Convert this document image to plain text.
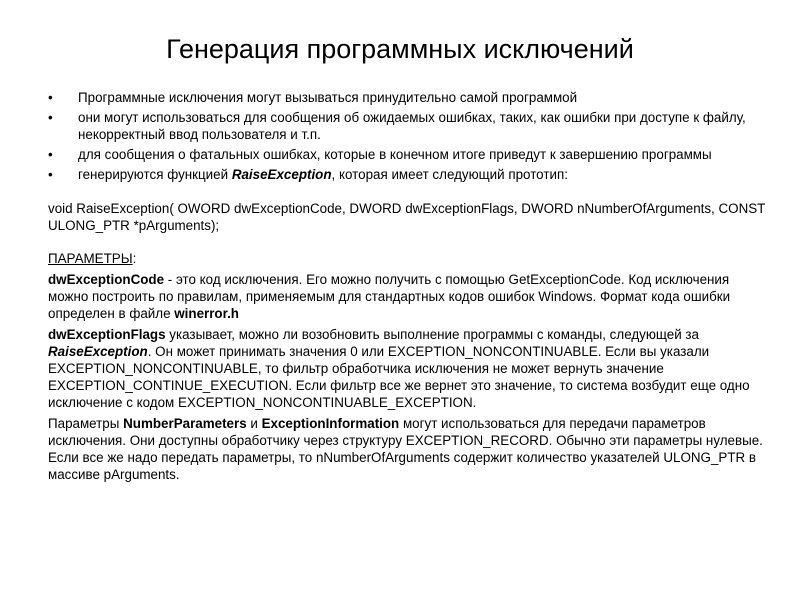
Генерация программных исключений
•	Программные исключения могут вызываться принудительно самой программой
•	они могут использоваться для сообщения об ожидаемых ошибках, таких, как ошибки при доступе к файлу, некорректный ввод пользователя и т.п.
•	для сообщения о фатальных ошибках, которые в конечном итоге приведут к завершению программы
•	генерируются функцией RaiseException, которая имеет следующий прототип:

void RaiseException( OWORD dwExceptionCode, DWORD dwExceptionFlags, DWORD nNumberOfArguments, CONST ULONG_PTR *pArguments);

ПАРАМЕТРЫ:

dwExceptionCode - это код исключения. Его можно получить с помощью GetExceptionCode. Код исключения можно построить по правилам, применяемым для стандартных кодов ошибок Windows. Формат кода ошибки определен в файле winerror.h

dwExceptionFlags указывает, можно ли возобновить выполнение программы с команды, следующей за RaiseException. Он может принимать значения 0 или EXCEPTION_NONCONTINUABLE. Если вы указали EXCEPTION_NONCONTINUABLE, то фильтр обработчика исключения не может вернуть значение EXCEPTION_CONTINUE_EXECUTION. Если фильтр все же вернет это значение, то система возбудит еще одно исключение с кодом EXCEPTION_NONCONTINUABLE_EXCEPTION.

Параметры NumberParameters и ExceptionInformation могут использоваться для передачи параметров исключения. Они доступны обработчику через структуру EXCEPTION_RECORD. Обычно эти параметры нулевые. Если все же надо передать параметры, то nNumberOfArguments содержит количество указателей ULONG_PTR в массиве pArguments.
